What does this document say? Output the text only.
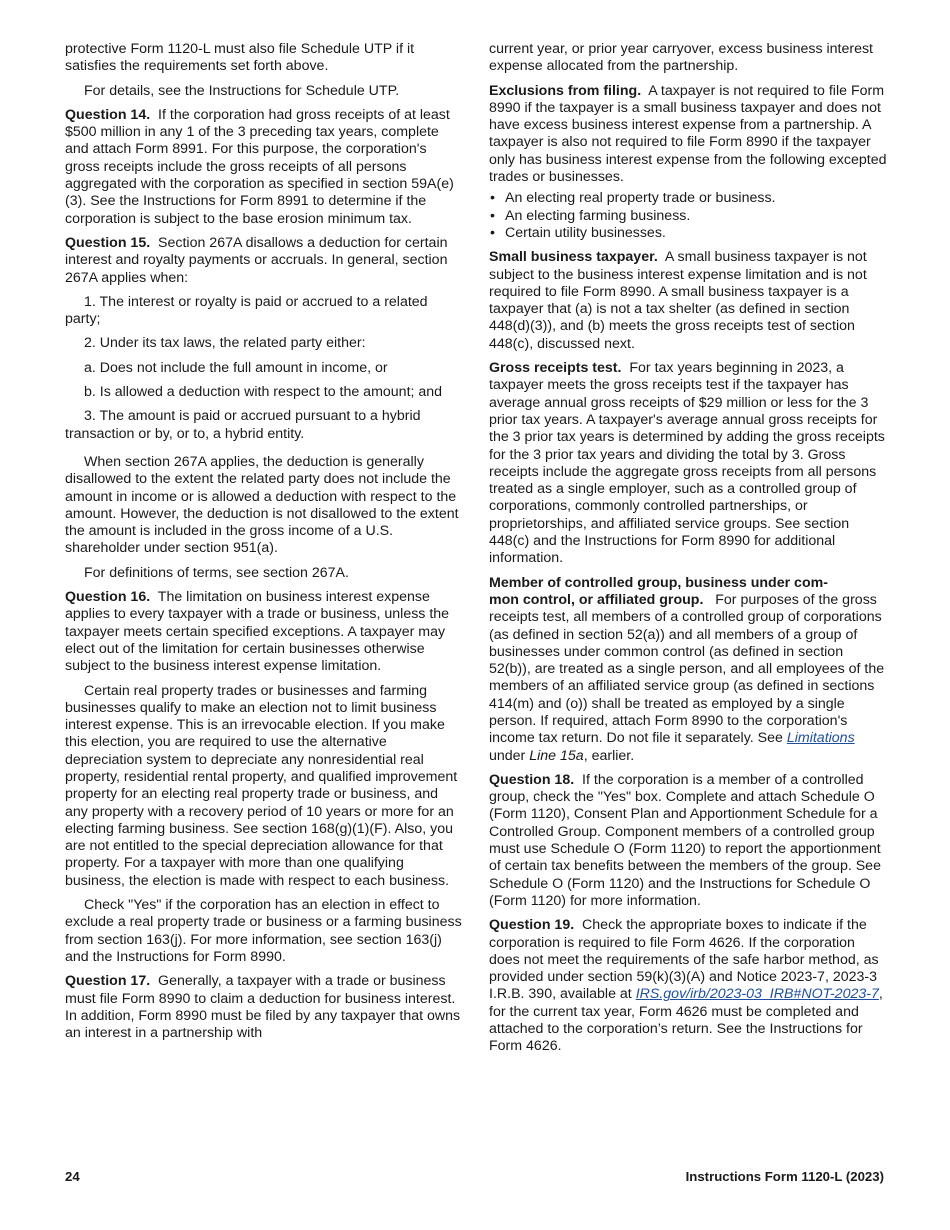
protective Form 1120-L must also file Schedule UTP if it satisfies the requirements set forth above.

For details, see the Instructions for Schedule UTP.

Question 14. If the corporation had gross receipts of at least $500 million in any 1 of the 3 preceding tax years, complete and attach Form 8991. For this purpose, the corporation's gross receipts include the gross receipts of all persons aggregated with the corporation as specified in section 59A(e)(3). See the Instructions for Form 8991 to determine if the corporation is subject to the base erosion minimum tax.

Question 15. Section 267A disallows a deduction for certain interest and royalty payments or accruals. In general, section 267A applies when:

1. The interest or royalty is paid or accrued to a related party;

2. Under its tax laws, the related party either:

a. Does not include the full amount in income, or

b. Is allowed a deduction with respect to the amount; and

3. The amount is paid or accrued pursuant to a hybrid transaction or by, or to, a hybrid entity.

When section 267A applies, the deduction is generally disallowed to the extent the related party does not include the amount in income or is allowed a deduction with respect to the amount. However, the deduction is not disallowed to the extent the amount is included in the gross income of a U.S. shareholder under section 951(a).

For definitions of terms, see section 267A.

Question 16. The limitation on business interest expense applies to every taxpayer with a trade or business, unless the taxpayer meets certain specified exceptions. A taxpayer may elect out of the limitation for certain businesses otherwise subject to the business interest expense limitation.

Certain real property trades or businesses and farming businesses qualify to make an election not to limit business interest expense. This is an irrevocable election. If you make this election, you are required to use the alternative depreciation system to depreciate any nonresidential real property, residential rental property, and qualified improvement property for an electing real property trade or business, and any property with a recovery period of 10 years or more for an electing farming business. See section 168(g)(1)(F). Also, you are not entitled to the special depreciation allowance for that property. For a taxpayer with more than one qualifying business, the election is made with respect to each business.

Check "Yes" if the corporation has an election in effect to exclude a real property trade or business or a farming business from section 163(j). For more information, see section 163(j) and the Instructions for Form 8990.

Question 17. Generally, a taxpayer with a trade or business must file Form 8990 to claim a deduction for business interest. In addition, Form 8990 must be filed by any taxpayer that owns an interest in a partnership with

current year, or prior year carryover, excess business interest expense allocated from the partnership.

Exclusions from filing. A taxpayer is not required to file Form 8990 if the taxpayer is a small business taxpayer and does not have excess business interest expense from a partnership. A taxpayer is also not required to file Form 8990 if the taxpayer only has business interest expense from the following excepted trades or businesses.

• An electing real property trade or business.
• An electing farming business.
• Certain utility businesses.

Small business taxpayer. A small business taxpayer is not subject to the business interest expense limitation and is not required to file Form 8990. A small business taxpayer is a taxpayer that (a) is not a tax shelter (as defined in section 448(d)(3)), and (b) meets the gross receipts test of section 448(c), discussed next.

Gross receipts test. For tax years beginning in 2023, a taxpayer meets the gross receipts test if the taxpayer has average annual gross receipts of $29 million or less for the 3 prior tax years. A taxpayer's average annual gross receipts for the 3 prior tax years is determined by adding the gross receipts for the 3 prior tax years and dividing the total by 3. Gross receipts include the aggregate gross receipts from all persons treated as a single employer, such as a controlled group of corporations, commonly controlled partnerships, or proprietorships, and affiliated service groups. See section 448(c) and the Instructions for Form 8990 for additional information.

Member of controlled group, business under com-
mon control, or affiliated group. For purposes of the gross receipts test, all members of a controlled group of corporations (as defined in section 52(a)) and all members of a group of businesses under common control (as defined in section 52(b)), are treated as a single person, and all employees of the members of an affiliated service group (as defined in sections 414(m) and (o)) shall be treated as employed by a single person. If required, attach Form 8990 to the corporation's income tax return. Do not file it separately. See Limitations under Line 15a, earlier.

Question 18. If the corporation is a member of a controlled group, check the "Yes" box. Complete and attach Schedule O (Form 1120), Consent Plan and Apportionment Schedule for a Controlled Group. Component members of a controlled group must use Schedule O (Form 1120) to report the apportionment of certain tax benefits between the members of the group. See Schedule O (Form 1120) and the Instructions for Schedule O (Form 1120) for more information.

Question 19. Check the appropriate boxes to indicate if the corporation is required to file Form 4626. If the corporation does not meet the requirements of the safe harbor method, as provided under section 59(k)(3)(A) and Notice 2023-7, 2023-3 I.R.B. 390, available at IRS.gov/irb/2023-03_IRB#NOT-2023-7, for the current tax year, Form 4626 must be completed and attached to the corporation’s return. See the Instructions for Form 4626.

24	Instructions Form 1120-L (2023)
